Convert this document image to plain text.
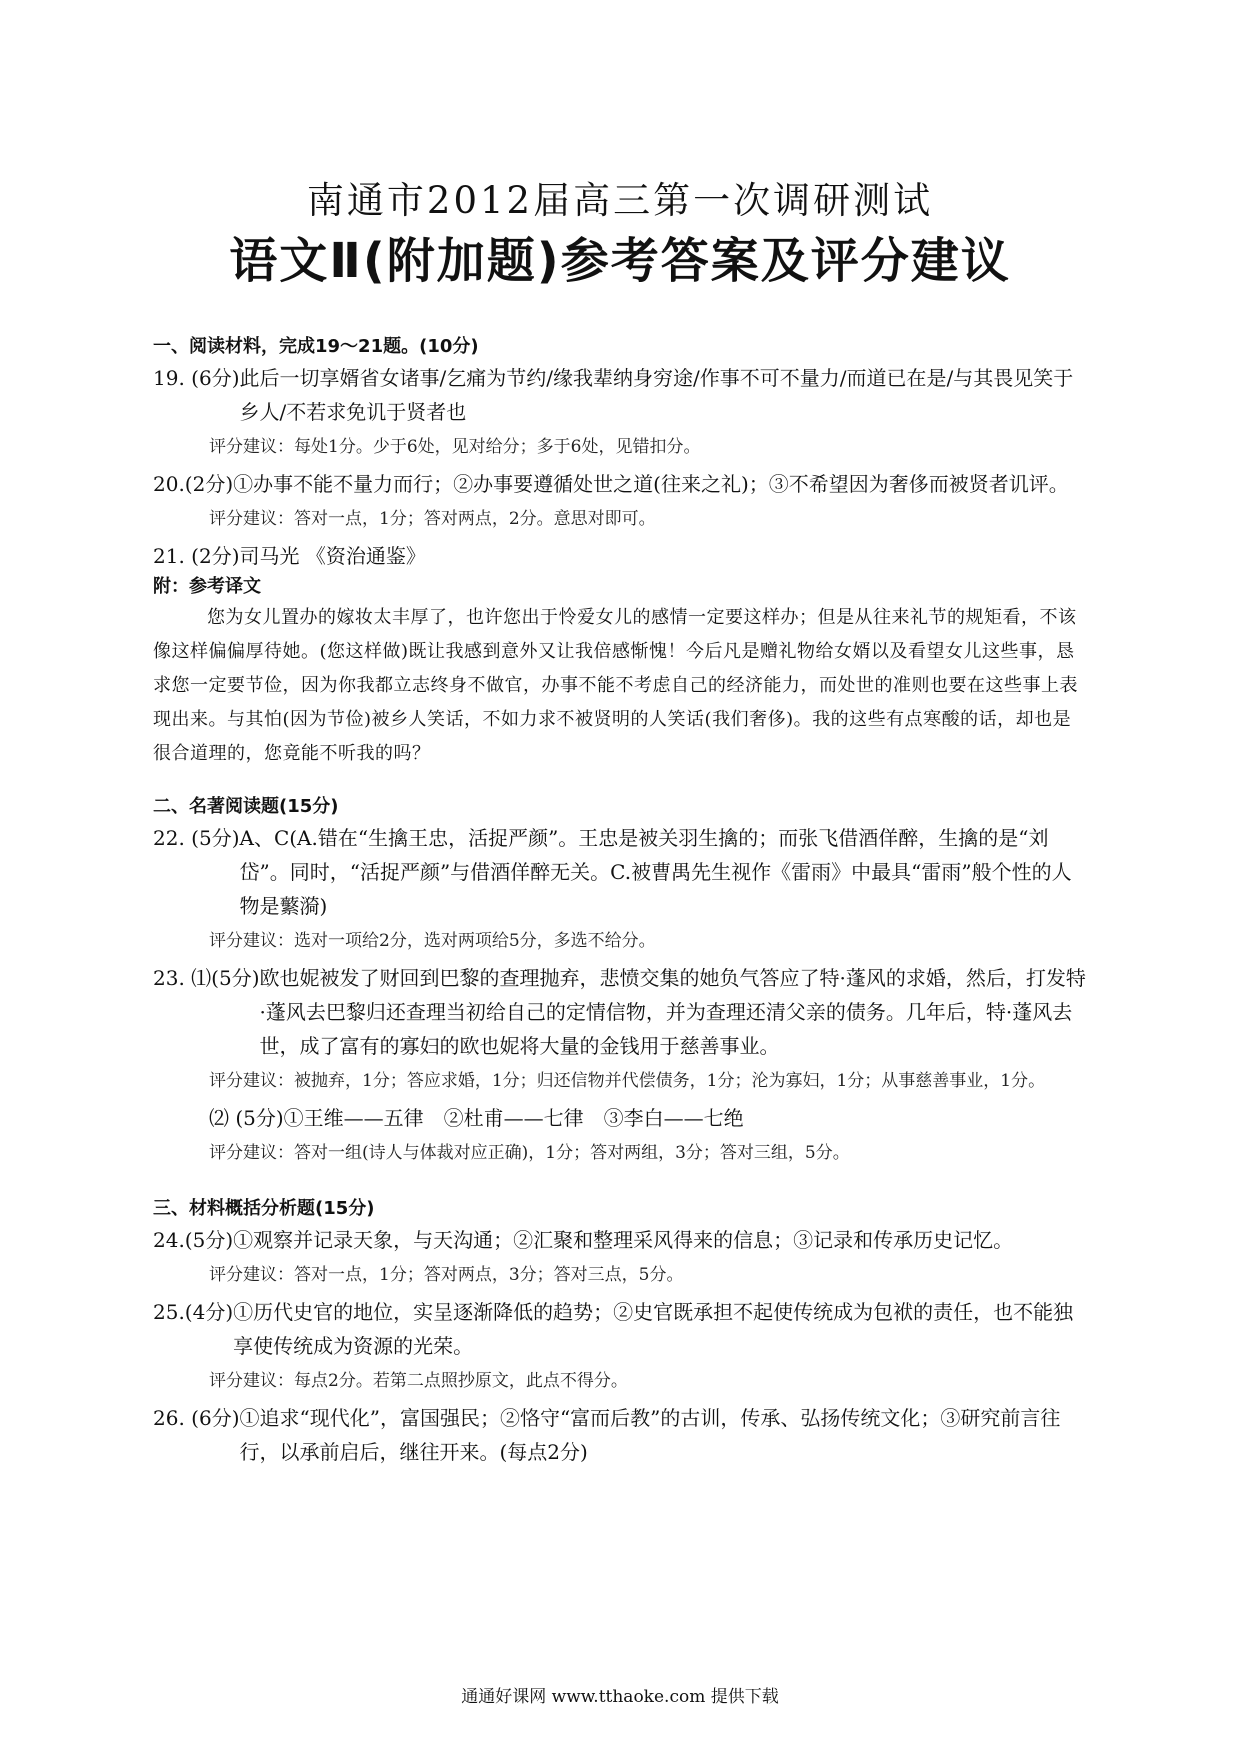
南通市2012届高三第一次调研测试
语文Ⅱ(附加题)参考答案及评分建议

一、阅读材料，完成19～21题。(10分)

19. (6分) 此后一切享婿省女诸事/乞痛为节约/缘我辈纳身穷途/作事不可不量力/而道已在是/与其畏见笑于乡人/不若求免讥于贤者也

评分建议：每处1分。少于6处，见对给分；多于6处，见错扣分。

20.(2分) ①办事不能不量力而行；②办事要遵循处世之道(往来之礼)；③不希望因为奢侈而被贤者讥评。

评分建议：答对一点，1分；答对两点，2分。意思对即可。

21. (2分) 司马光 《资治通鉴》

附：参考译文

您为女儿置办的嫁妆太丰厚了，也许您出于怜爱女儿的感情一定要这样办；但是从往来礼节的规矩看，不该像这样偏偏厚待她。(您这样做)既让我感到意外又让我倍感惭愧！今后凡是赠礼物给女婿以及看望女儿这些事，恳求您一定要节俭，因为你我都立志终身不做官，办事不能不考虑自己的经济能力，而处世的准则也要在这些事上表现出来。与其怕(因为节俭)被乡人笑话，不如力求不被贤明的人笑话(我们奢侈)。我的这些有点寒酸的话，却也是很合道理的，您竟能不听我的吗？

二、名著阅读题(15分)

22. (5分) A、C(A.错在“生擒王忠，活捉严颜”。王忠是被关羽生擒的；而张飞借酒佯醉，生擒的是“刘岱”。同时，“活捉严颜”与借酒佯醉无关。C.被曹禺先生视作《雷雨》中最具“雷雨”般个性的人物是蘩漪)

评分建议：选对一项给2分，选对两项给5分，多选不给分。

23. ⑴(5分) 欧也妮被发了财回到巴黎的查理抛弃，悲愤交集的她负气答应了特·蓬风的求婚，然后，打发特·蓬风去巴黎归还查理当初给自己的定情信物，并为查理还清父亲的债务。几年后，特·蓬风去世，成了富有的寡妇的欧也妮将大量的金钱用于慈善事业。

评分建议：被抛弃，1分；答应求婚，1分；归还信物并代偿债务，1分；沦为寡妇，1分；从事慈善事业，1分。

⑵ (5分)①王维——五律　②杜甫——七律　③李白——七绝

评分建议：答对一组(诗人与体裁对应正确)，1分；答对两组，3分；答对三组，5分。

三、材料概括分析题(15分)

24.(5分) ①观察并记录天象，与天沟通；②汇聚和整理采风得来的信息；③记录和传承历史记忆。

评分建议：答对一点，1分；答对两点，3分；答对三点，5分。

25.(4分) ①历代史官的地位，实呈逐渐降低的趋势；②史官既承担不起使传统成为包袱的责任，也不能独享使传统成为资源的光荣。

评分建议：每点2分。若第二点照抄原文，此点不得分。

26. (6分) ①追求“现代化”，富国强民；②恪守“富而后教”的古训，传承、弘扬传统文化；③研究前言往行，以承前启后，继往开来。(每点2分)
通通好课网 www.tthaoke.com 提供下载
